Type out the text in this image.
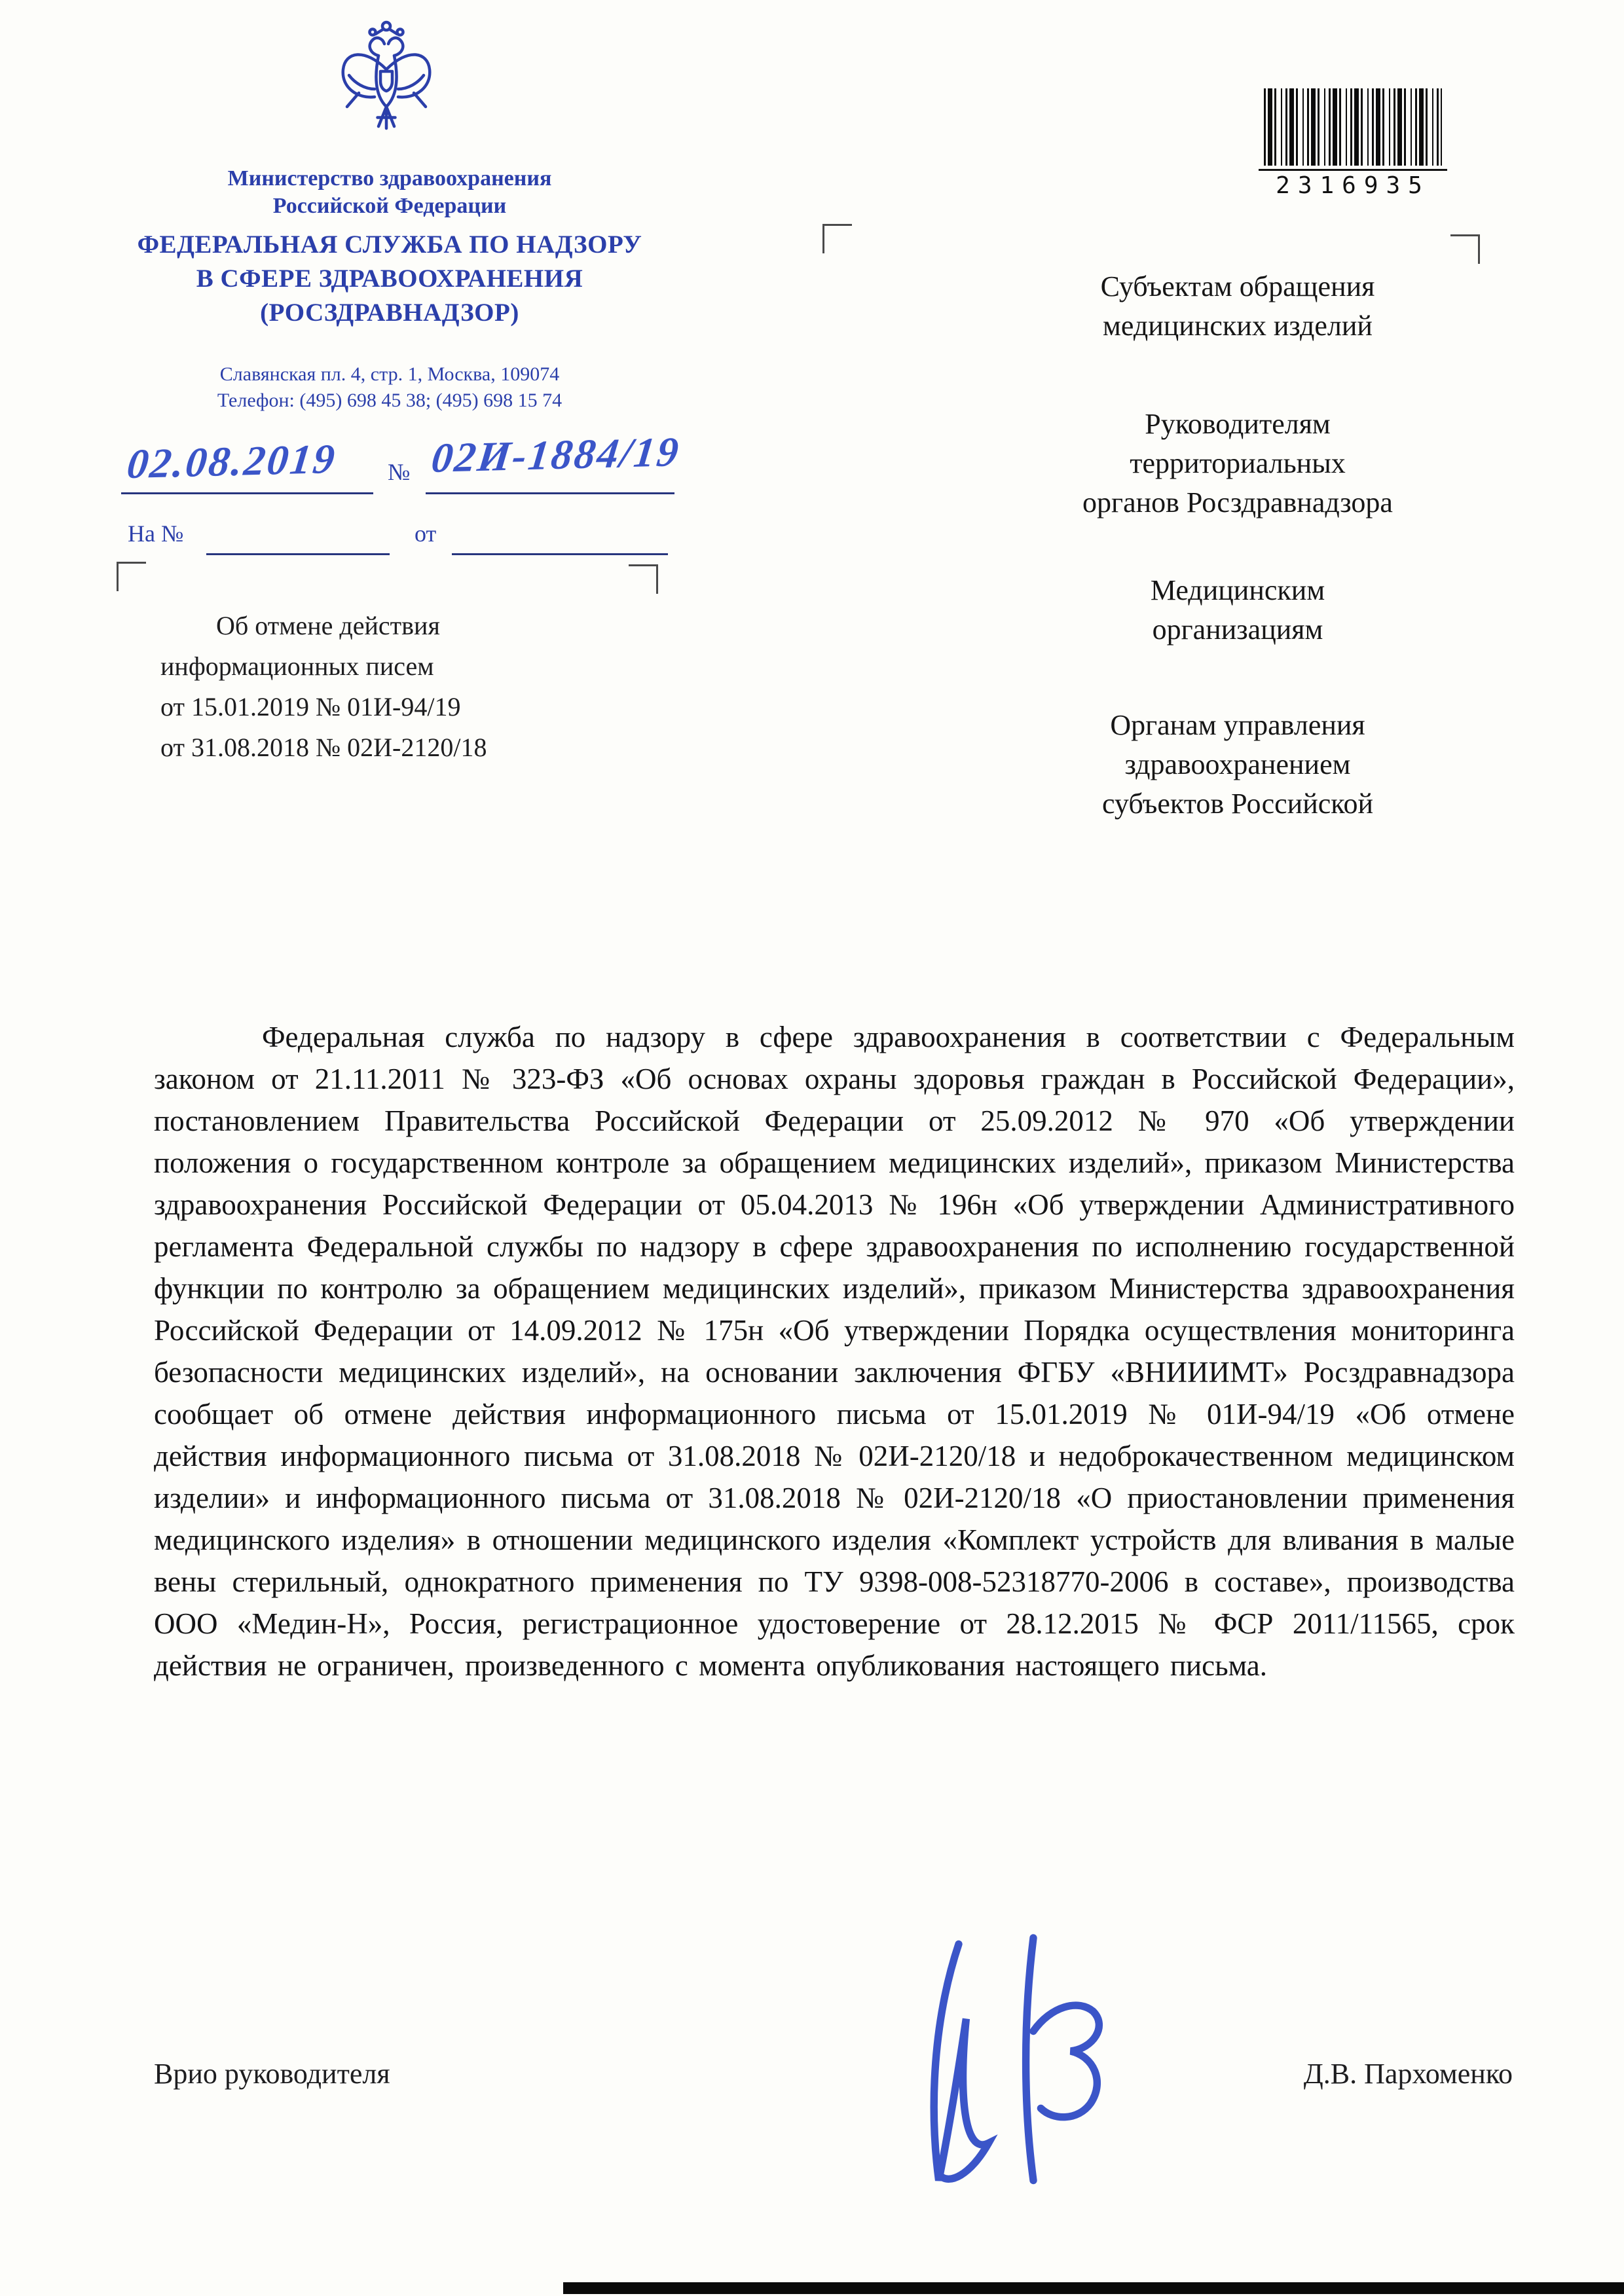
Министерство здравоохранения
Российской Федерации
ФЕДЕРАЛЬНАЯ СЛУЖБА ПО НАДЗОРУ
В СФЕРЕ ЗДРАВООХРАНЕНИЯ
(РОСЗДРАВНАДЗОР)
Славянская пл. 4, стр. 1, Москва, 109074
Телефон: (495) 698 45 38; (495) 698 15 74
02.08.2019 № 02И-1884/19
На №	от
Об отмене действия
информационных писем
от 15.01.2019 № 01И-94/19
от 31.08.2018 № 02И-2120/18
2316935
Субъектам обращения
медицинских изделий
Руководителям
территориальных
органов Росздравнадзора
Медицинским
организациям
Органам управления
здравоохранением
субъектов Российской

Федеральная служба по надзору в сфере здравоохранения в соответствии с Федеральным законом от 21.11.2011 № 323-ФЗ «Об основах охраны здоровья граждан в Российской Федерации», постановлением Правительства Российской Федерации от 25.09.2012 № 970 «Об утверждении положения о государственном контроле за обращением медицинских изделий», приказом Министерства здравоохранения Российской Федерации от 05.04.2013 № 196н «Об утверждении Административного регламента Федеральной службы по надзору в сфере здравоохранения по исполнению государственной функции по контролю за обращением медицинских изделий», приказом Министерства здравоохранения Российской Федерации от 14.09.2012 № 175н «Об утверждении Порядка осуществления мониторинга безопасности медицинских изделий», на основании заключения ФГБУ «ВНИИИМТ» Росздравнадзора сообщает об отмене действия информационного письма от 15.01.2019 № 01И-94/19 «Об отмене действия информационного письма от 31.08.2018 № 02И-2120/18 и недоброкачественном медицинском изделии» и информационного письма от 31.08.2018 № 02И-2120/18 «О приостановлении применения медицинского изделия» в отношении медицинского изделия «Комплект устройств для вливания в малые вены стерильный, однократного применения по ТУ 9398-008-52318770-2006 в составе», производства ООО «Медин-Н», Россия, регистрационное удостоверение от 28.12.2015 № ФСР 2011/11565, срок действия не ограничен, произведенного с момента опубликования настоящего письма.

Врио руководителя	Д.В. Пархоменко
